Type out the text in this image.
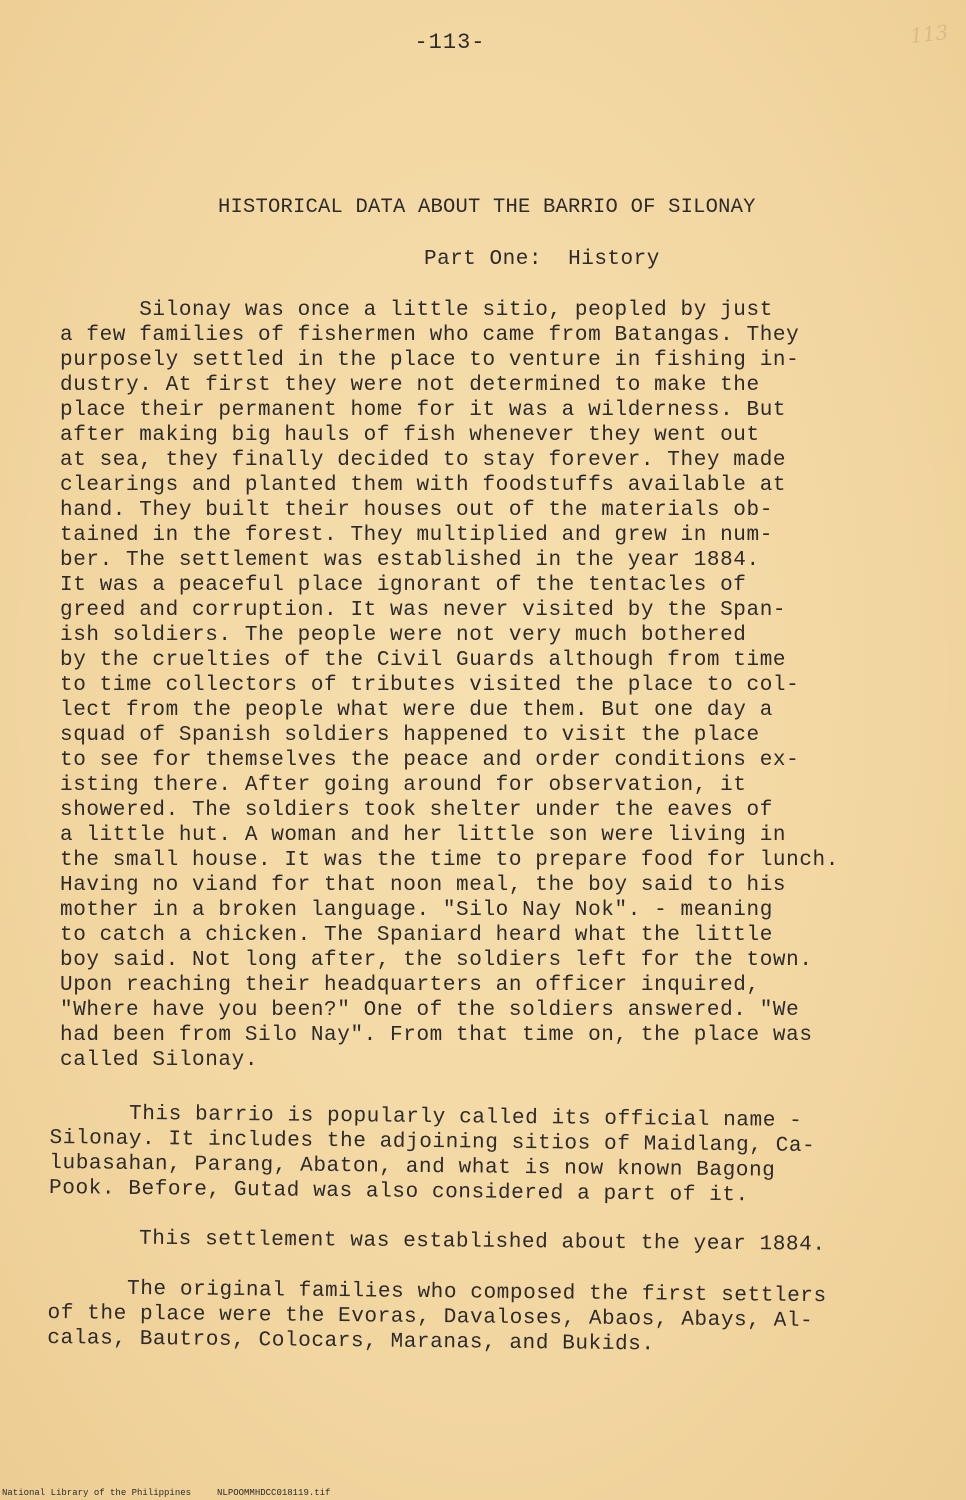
-113-	113
HISTORICAL DATA ABOUT THE BARRIO OF SILONAY
Part One:  History
Silonay was once a little sitio, peopled by just
a few families of fishermen who came from Batangas. They
purposely settled in the place to venture in fishing in-
dustry. At first they were not determined to make the
place their permanent home for it was a wilderness. But
after making big hauls of fish whenever they went out
at sea, they finally decided to stay forever. They made
clearings and planted them with foodstuffs available at
hand. They built their houses out of the materials ob-
tained in the forest. They multiplied and grew in num-
ber. The settlement was established in the year 1884.
It was a peaceful place ignorant of the tentacles of
greed and corruption. It was never visited by the Span-
ish soldiers. The people were not very much bothered
by the cruelties of the Civil Guards although from time
to time collectors of tributes visited the place to col-
lect from the people what were due them. But one day a
squad of Spanish soldiers happened to visit the place
to see for themselves the peace and order conditions ex-
isting there. After going around for observation, it
showered. The soldiers took shelter under the eaves of
a little hut. A woman and her little son were living in
the small house. It was the time to prepare food for lunch.
Having no viand for that noon meal, the boy said to his
mother in a broken language. "Silo Nay Nok". - meaning
to catch a chicken. The Spaniard heard what the little
boy said. Not long after, the soldiers left for the town.
Upon reaching their headquarters an officer inquired,
"Where have you been?" One of the soldiers answered. "We
had been from Silo Nay". From that time on, the place was
called Silonay.
This barrio is popularly called its official name -
Silonay. It includes the adjoining sitios of Maidlang, Ca-
lubasahan, Parang, Abaton, and what is now known Bagong
Pook. Before, Gutad was also considered a part of it.
This settlement was established about the year 1884.
The original families who composed the first settlers
of the place were the Evoras, Davaloses, Abaos, Abays, Al-
calas, Bautros, Colocars, Maranas, and Bukids.
National Library of the Philippines	NLPOOMMHDCC018119.tif
